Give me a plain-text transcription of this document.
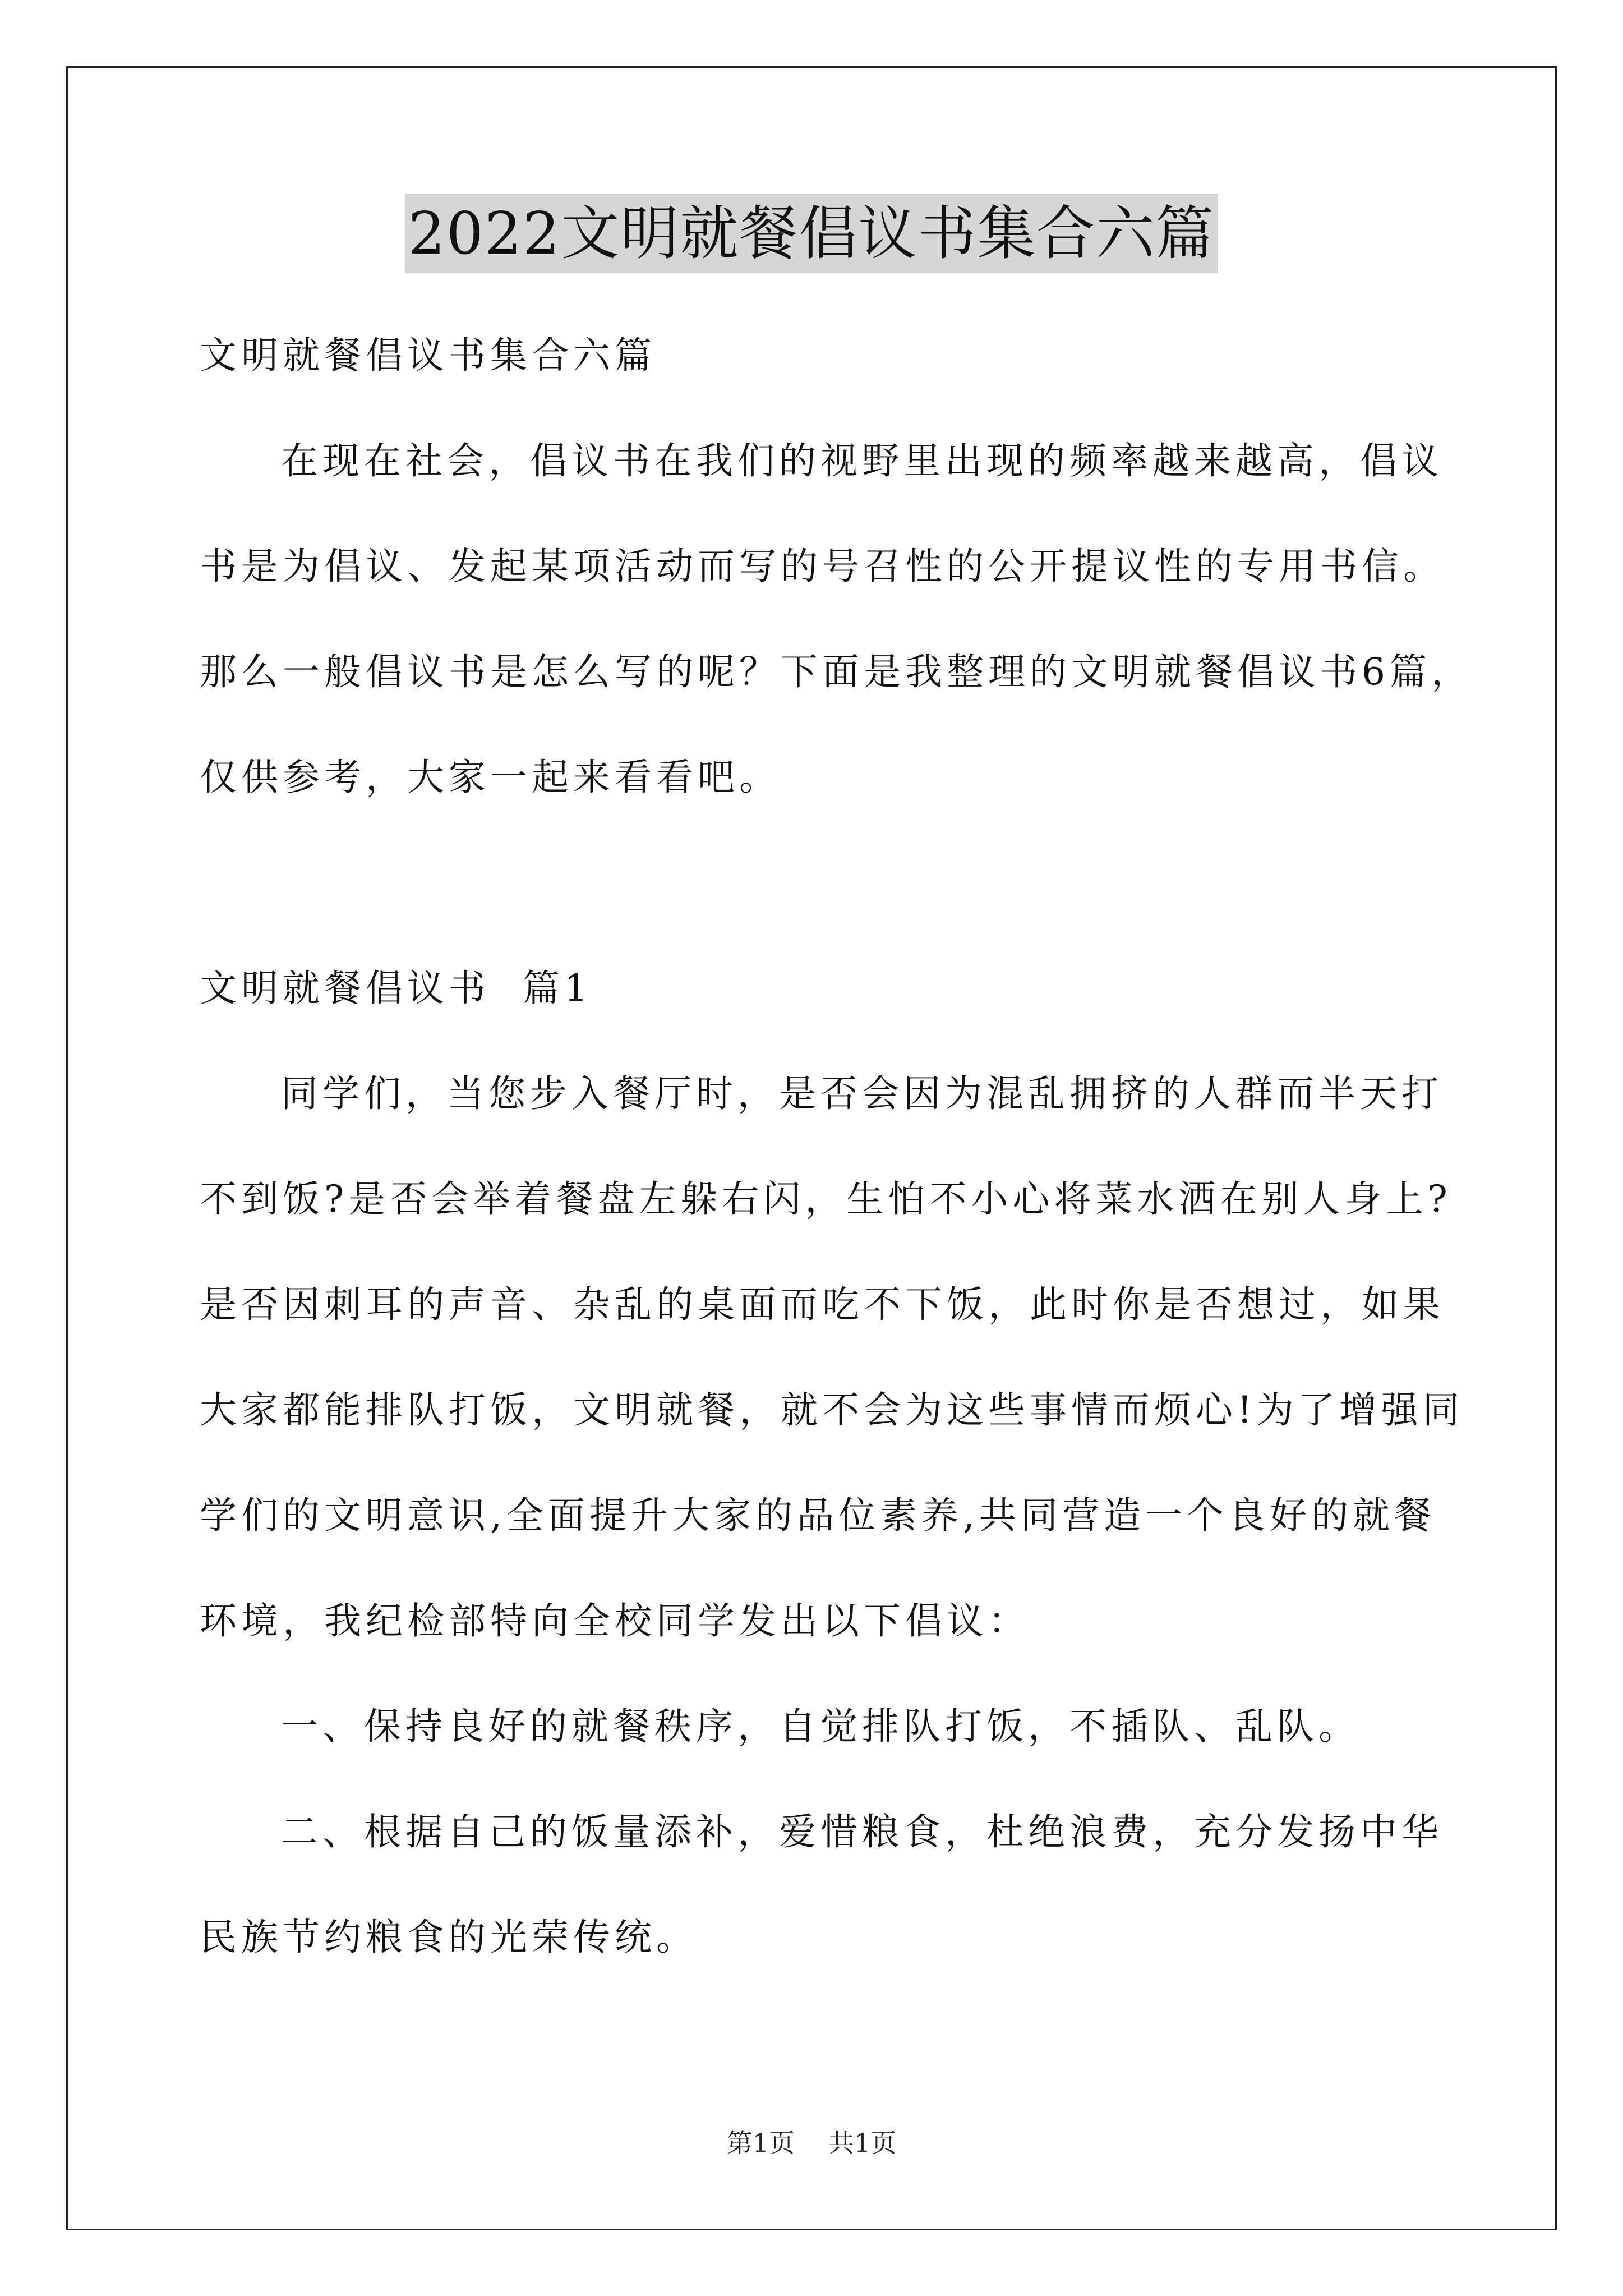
2022文明就餐倡议书集合六篇
文明就餐倡议书集合六篇
在现在社会，倡议书在我们的视野里出现的频率越来越高，倡议
书是为倡议、发起某项活动而写的号召性的公开提议性的专用书信。
那么一般倡议书是怎么写的呢？下面是我整理的文明就餐倡议书6篇，
仅供参考，大家一起来看看吧。
文明就餐倡议书  篇1
同学们，当您步入餐厅时，是否会因为混乱拥挤的人群而半天打
不到饭?是否会举着餐盘左躲右闪，生怕不小心将菜水洒在别人身上?
是否因刺耳的声音、杂乱的桌面而吃不下饭，此时你是否想过，如果
大家都能排队打饭，文明就餐，就不会为这些事情而烦心!为了增强同
学们的文明意识,全面提升大家的品位素养,共同营造一个良好的就餐
环境，我纪检部特向全校同学发出以下倡议：
一、保持良好的就餐秩序，自觉排队打饭，不插队、乱队。
二、根据自己的饭量添补，爱惜粮食，杜绝浪费，充分发扬中华
民族节约粮食的光荣传统。
第1页 共1页
